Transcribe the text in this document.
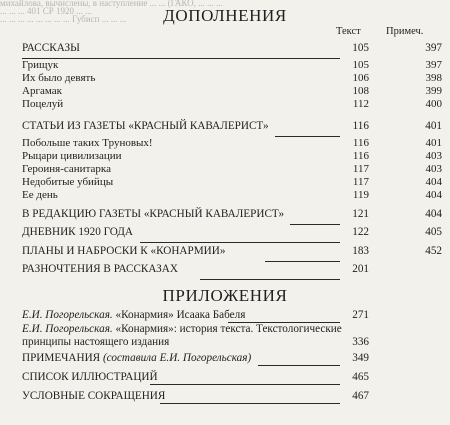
михайлова, вычислены, в наступление ... ... (ГАКО, ... ... ...
... ... ... 401 СР 1920 ... ...
... ... ... ... ... ... ... ... Губисп ... ... ...	ДОПОЛНЕНИЯ
Текст Примеч.
РАССКАЗЫ	105	397
Грищук	105	397
Их было девять	106	398
Аргамак	108	399
Поцелуй	112	400
СТАТЬИ ИЗ ГАЗЕТЫ «КРАСНЫЙ КАВАЛЕРИСТ»	116	401
Побольше таких Труновых!	116	401
Рыцари цивилизации	116	403
Героиня-санитарка	117	403
Недобитые убийцы	117	404
Ее день	119	404
В РЕДАКЦИЮ ГАЗЕТЫ «КРАСНЫЙ КАВАЛЕРИСТ»	121	404
ДНЕВНИК 1920 ГОДА	122	405
ПЛАНЫ И НАБРОСКИ К «КОНАРМИИ»	183	452
РАЗНОЧТЕНИЯ В РАССКАЗАХ	201
ПРИЛОЖЕНИЯ
Е.И. Погорельская. «Конармия» Исаака Бабеля	271
Е.И. Погорельская. «Конармия»: история текста. Текстологические принципы настоящего издания	336
ПРИМЕЧАНИЯ (составила Е.И. Погорельская)	349
СПИСОК ИЛЛЮСТРАЦИЙ	465
УСЛОВНЫЕ СОКРАЩЕНИЯ	467
